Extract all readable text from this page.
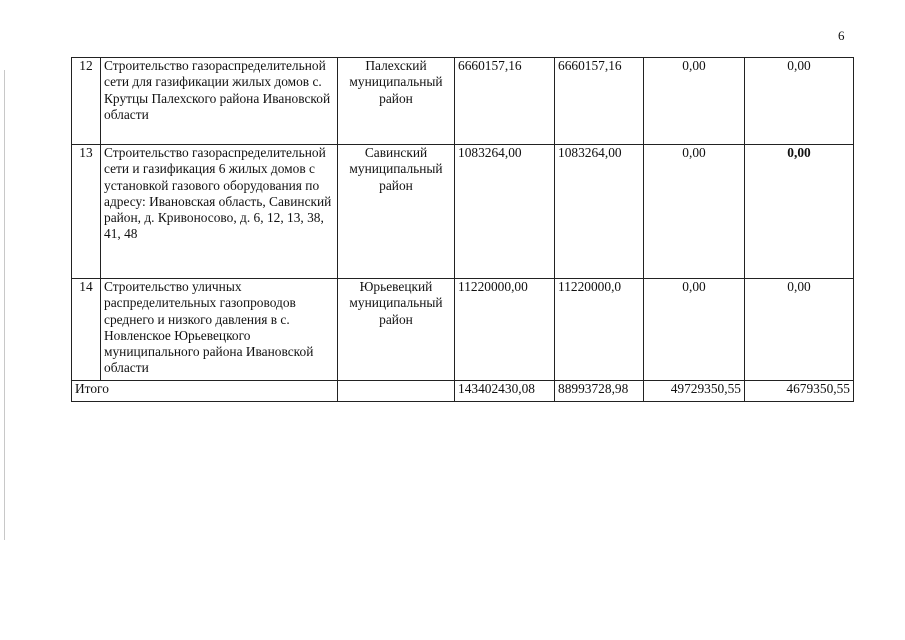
6
12	Строительство газораспределительной сети для газификации жилых домов с. Крутцы Палехского района Ивановской области	Палехский муниципальный район	6660157,16	6660157,16	0,00	0,00
13	Строительство газораспределительной сети и газификация 6 жилых домов с установкой газового оборудования по адресу: Ивановская область, Савинский район, д. Кривоносово, д. 6, 12, 13, 38, 41, 48	Савинский муниципальный район	1083264,00	1083264,00	0,00	0,00
14	Строительство уличных распределительных газопроводов среднего и низкого давления в с. Новленское Юрьевецкого муниципального района Ивановской области	Юрьевецкий муниципальный район	11220000,00	11220000,0	0,00	0,00
Итого			143402430,08	88993728,98	49729350,55	4679350,55
